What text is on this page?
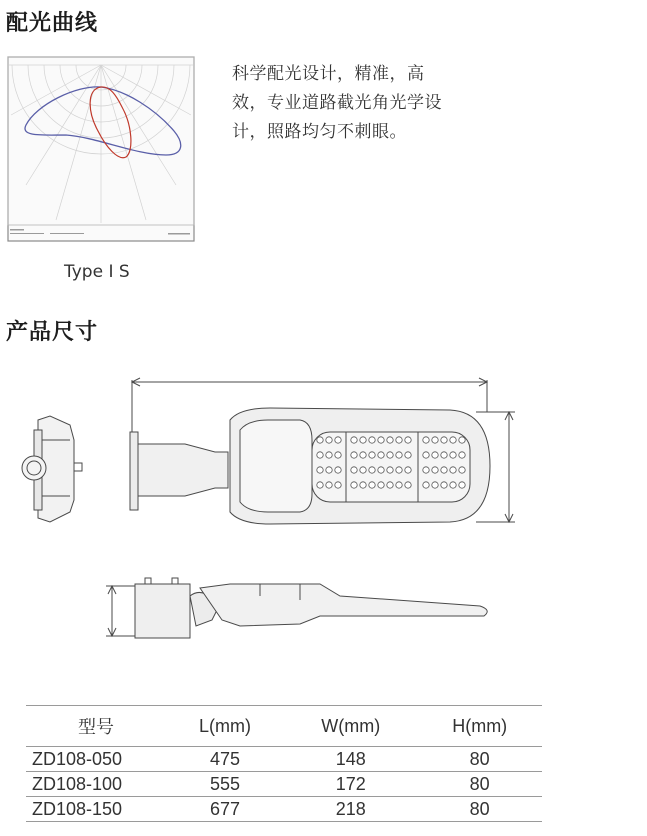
配光曲线
Type I S
科学配光设计，精准，高效，专业道路截光角光学设计，照路均匀不刺眼。
产品尺寸
型号	L(mm)	W(mm)	H(mm)
ZD108-050	475	148	80
ZD108-100	555	172	80
ZD108-150	677	218	80
